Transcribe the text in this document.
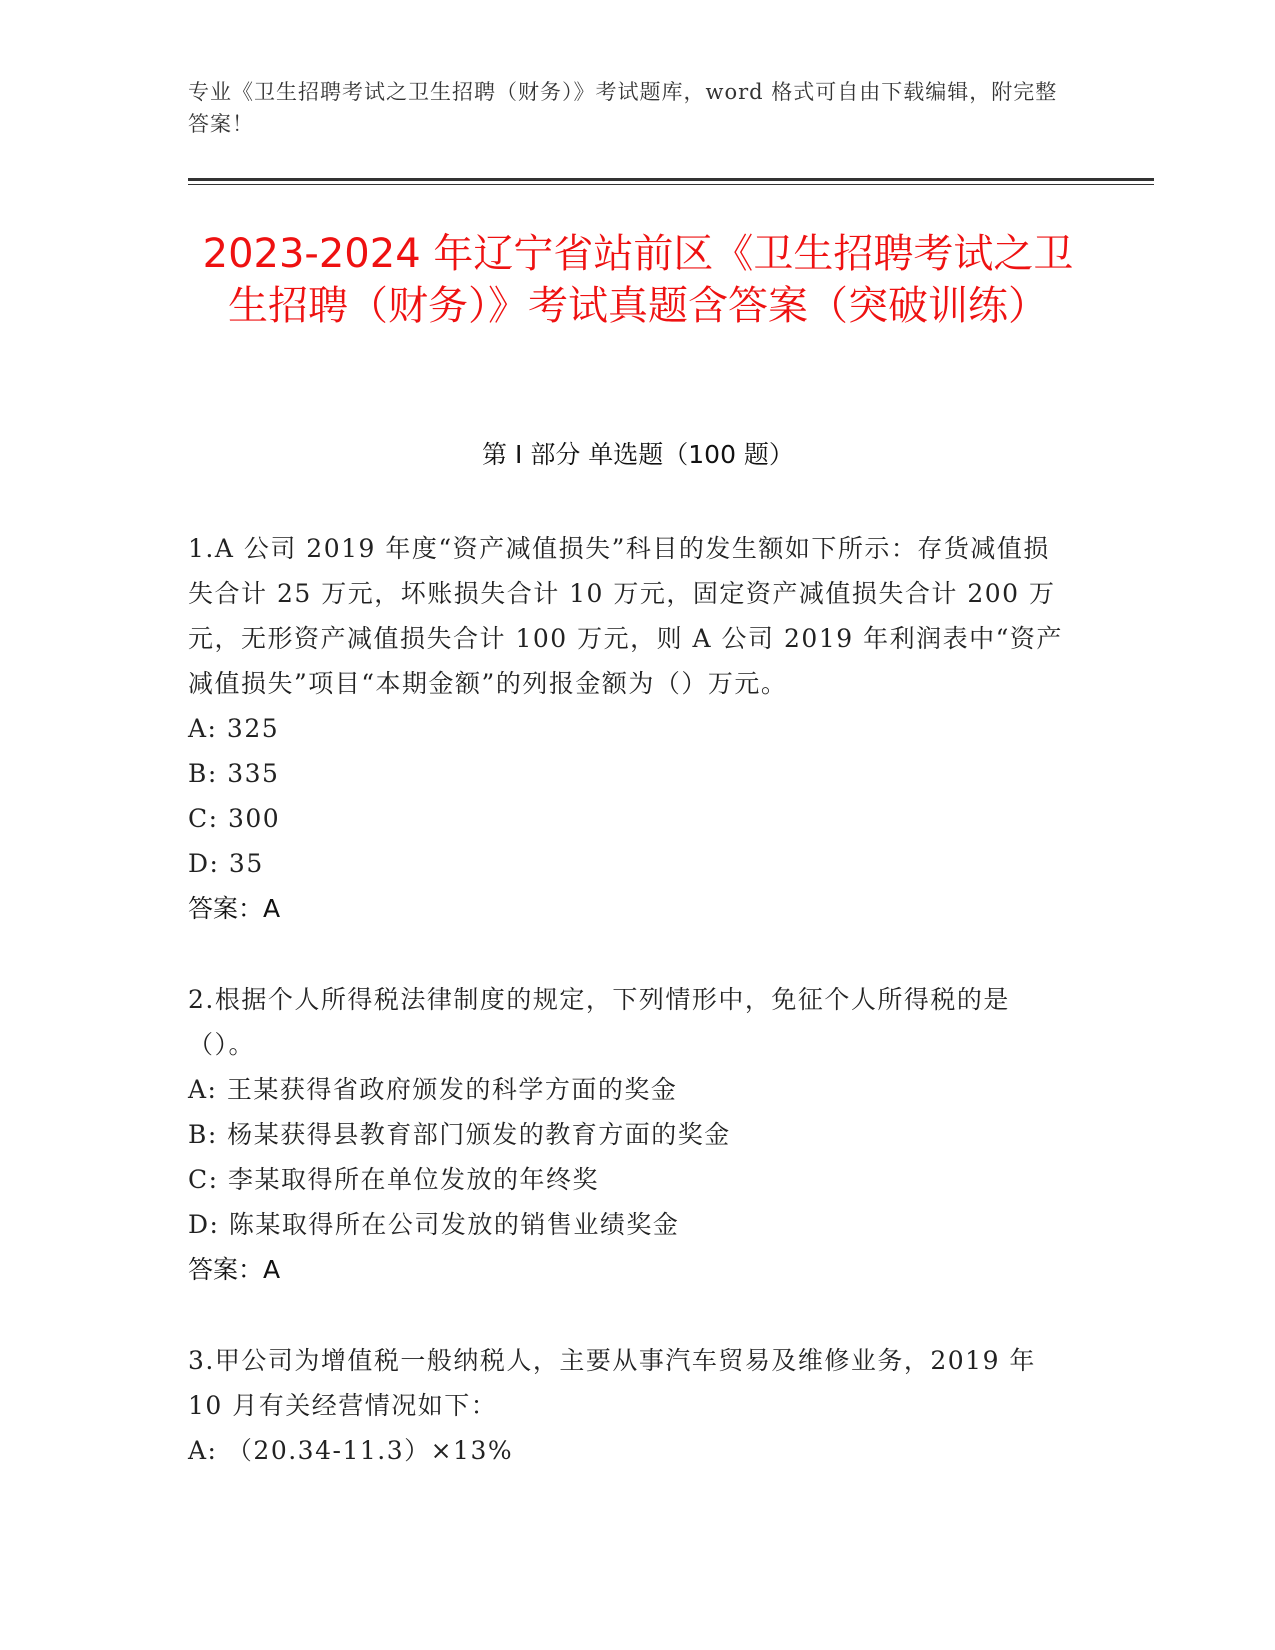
专业《卫生招聘考试之卫生招聘（财务）》考试题库，word 格式可自由下载编辑，附完整答案！
2023-2024 年辽宁省站前区《卫生招聘考试之卫生招聘（财务）》考试真题含答案（突破训练）
第 I 部分 单选题（100 题）

1.A 公司 2019 年度“资产减值损失”科目的发生额如下所示：存货减值损失合计 25 万元，坏账损失合计 10 万元，固定资产减值损失合计 200 万元，无形资产减值损失合计 100 万元，则 A 公司 2019 年利润表中“资产减值损失”项目“本期金额”的列报金额为（）万元。

A: 325

B: 335

C: 300

D: 35

答案：A

2.根据个人所得税法律制度的规定，下列情形中，免征个人所得税的是（）。

A: 王某获得省政府颁发的科学方面的奖金

B: 杨某获得县教育部门颁发的教育方面的奖金

C: 李某取得所在单位发放的年终奖

D: 陈某取得所在公司发放的销售业绩奖金

答案：A

3.甲公司为增值税一般纳税人，主要从事汽车贸易及维修业务，2019 年 10 月有关经营情况如下：

A: （20.34-11.3）×13%
